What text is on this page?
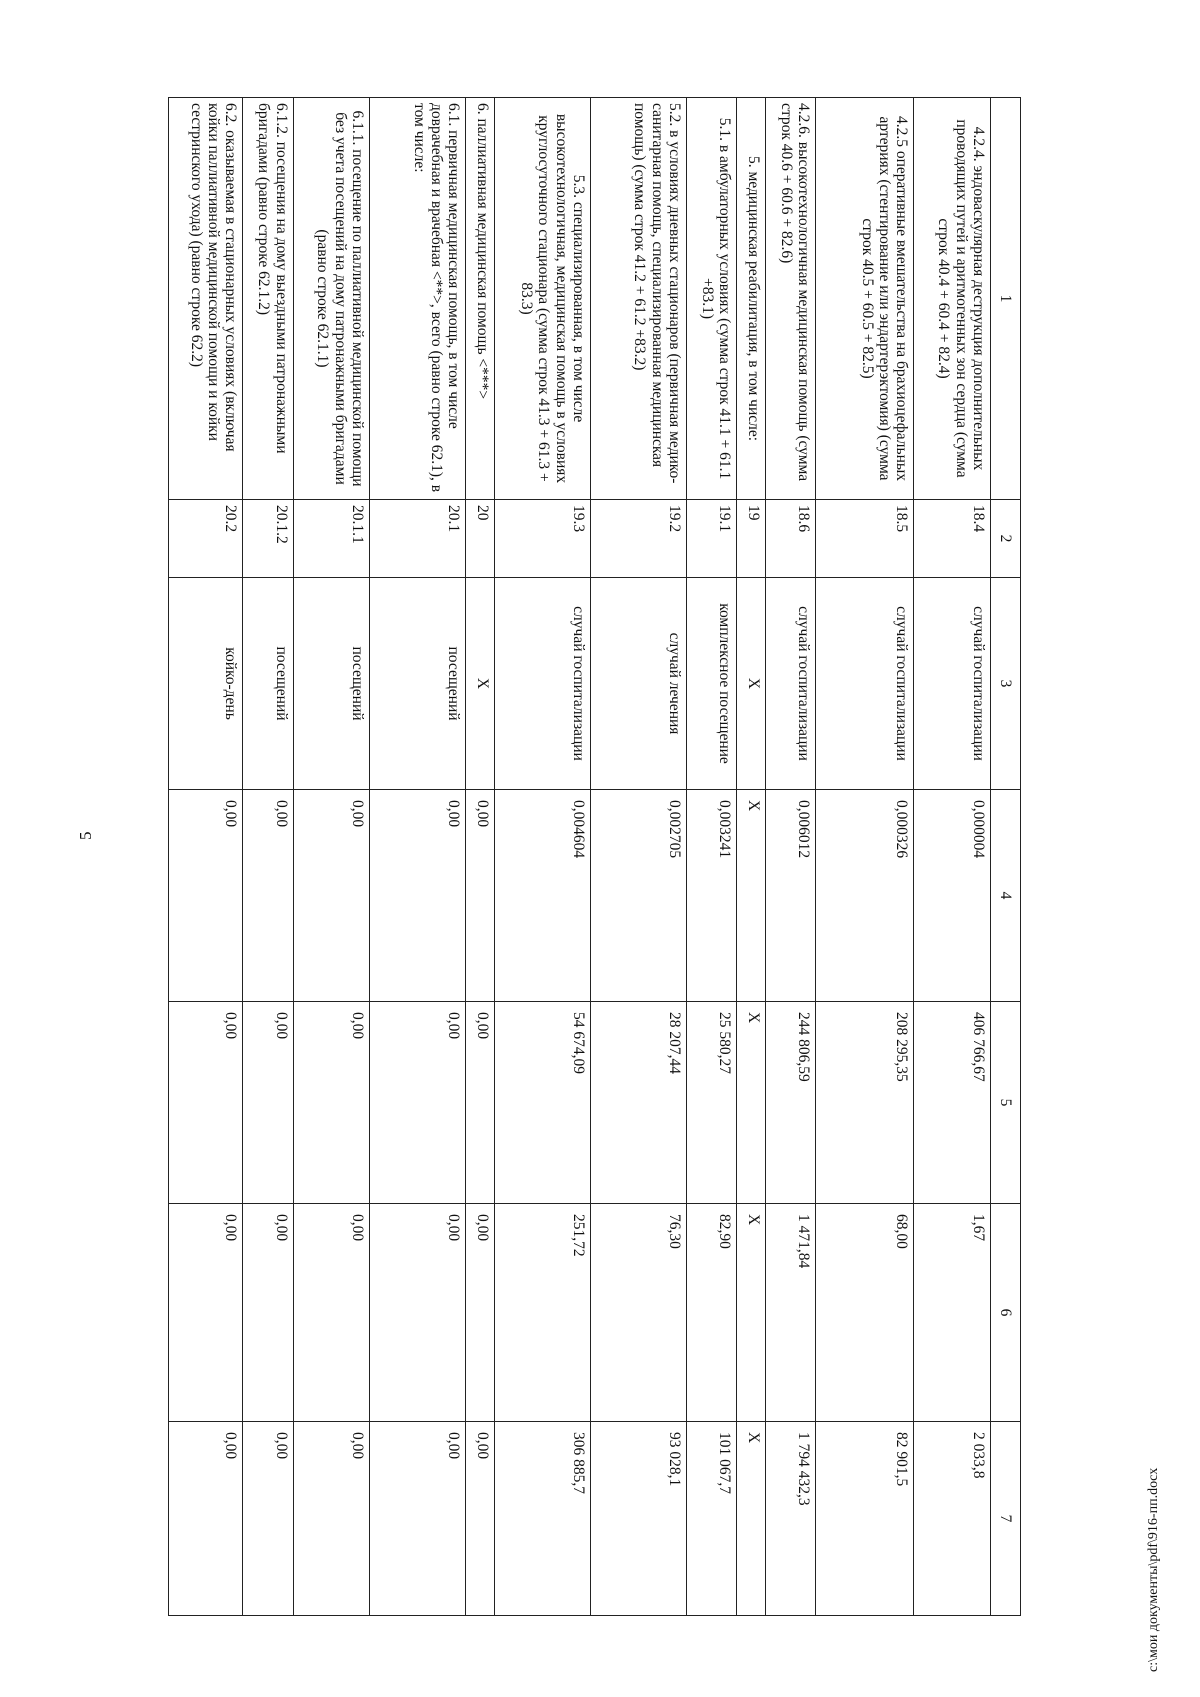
5
1	2	3	4	5	6	7
4.2.4. эндоваскулярная деструкция дополнительных проводящих путей и аритмогенных зон сердца (сумма строк 40.4 + 60.4 + 82.4)	18.4	случай госпитализации	0,000004	406 766,67	1,67	2 033,8
4.2.5 оперативные вмешательства на брахиоцефальных артериях (стентирование или эндартерэктомия) (сумма строк 40.5 + 60.5 + 82.5)	18.5	случай госпитализации	0,000326	208 295,35	68,00	82 901,5
4.2.6. высокотехнологичная медицинская помощь (сумма строк 40.6 + 60.6 + 82.6)	18.6	случай госпитализации	0,006012	244 806,59	1 471,84	1 794 432,3
5. медицинская реабилитация, в том числе:	19	Х	Х	Х	Х	Х
5.1. в амбулаторных условиях (сумма строк 41.1 + 61.1 +83.1)	19.1	комплексное посещение	0,003241	25 580,27	82,90	101 067,7
5.2. в условиях дневных стационаров (первичная медико-санитарная помощь, специализированная медицинская помощь) (сумма строк 41.2 + 61.2 +83.2)	19.2	случай лечения	0,002705	28 207,44	76,30	93 028,1
5.3. специализированная, в том числе высокотехнологичная, медицинская помощь в условиях круглосуточного стационара (сумма строк 41.3 + 61.3 + 83.3)	19.3	случай госпитализации	0,004604	54 674,09	251,72	306 885,7
6. паллиативная медицинская помощь <***>	20	Х	0,00	0,00	0,00	0,00
6.1. первичная медицинская помощь, в том числе доврачебная и врачебная <**>, всего (равно строке 62.1), в том числе:	20.1	посещений	0,00	0,00	0,00	0,00
6.1.1. посещение по паллиативной медицинской помощи без учета посещений на дому патронажными бригадами (равно строке 62.1.1)	20.1.1	посещений	0,00	0,00	0,00	0,00
6.1.2. посещения на дому выездными патронажными бригадами (равно строке 62.1.2)	20.1.2	посещений	0,00	0,00	0,00	0,00
6.2. оказываемая в стационарных условиях (включая койки паллиативной медицинской помощи и койки сестринского ухода) (равно строке 62.2)	20.2	койко-день	0,00	0,00	0,00	0,00
с:\мои документы\pdf\916-пп.docx
